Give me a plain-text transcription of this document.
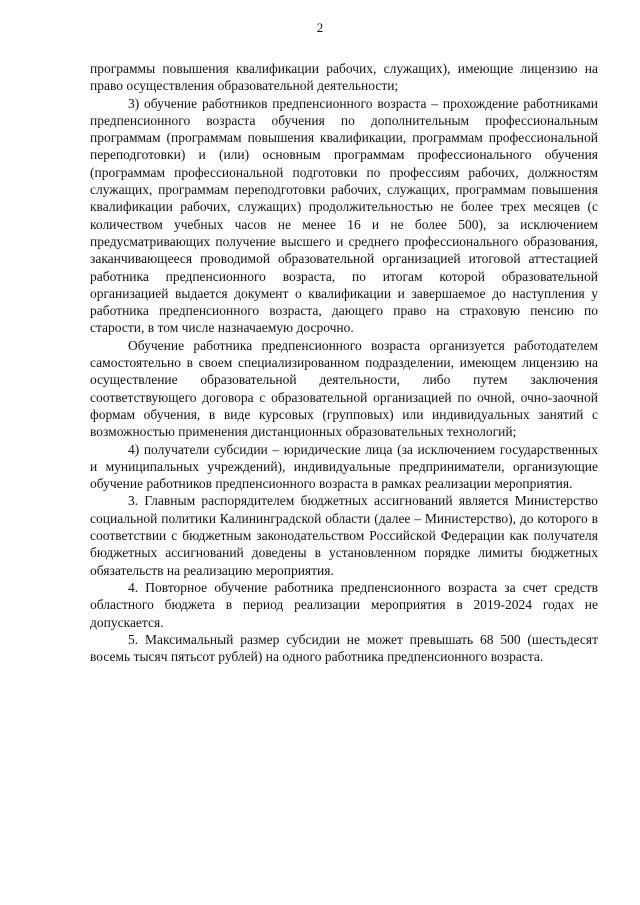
2

программы повышения квалификации рабочих, служащих), имеющие лицензию на право осуществления образовательной деятельности;

3) обучение работников предпенсионного возраста – прохождение работниками предпенсионного возраста обучения по дополнительным профессиональным программам (программам повышения квалификации, программам профессиональной переподготовки) и (или) основным программам профессионального обучения (программам профессиональной подготовки по профессиям рабочих, должностям служащих, программам переподготовки рабочих, служащих, программам повышения квалификации рабочих, служащих) продолжительностью не более трех месяцев (с количеством учебных часов не менее 16 и не более 500), за исключением предусматривающих получение высшего и среднего профессионального образования, заканчивающееся проводимой образовательной организацией итоговой аттестацией работника предпенсионного возраста, по итогам которой образовательной организацией выдается документ о квалификации и завершаемое до наступления у работника предпенсионного возраста, дающего право на страховую пенсию по старости, в том числе назначаемую досрочно.

Обучение работника предпенсионного возраста организуется работодателем самостоятельно в своем специализированном подразделении, имеющем лицензию на осуществление образовательной деятельности, либо путем заключения соответствующего договора с образовательной организацией по очной, очно-заочной формам обучения, в виде курсовых (групповых) или индивидуальных занятий с возможностью применения дистанционных образовательных технологий;

4) получатели субсидии – юридические лица (за исключением государственных и муниципальных учреждений), индивидуальные предприниматели, организующие обучение работников предпенсионного возраста в рамках реализации мероприятия.

3. Главным распорядителем бюджетных ассигнований является Министерство социальной политики Калининградской области (далее – Министерство), до которого в соответствии с бюджетным законодательством Российской Федерации как получателя бюджетных ассигнований доведены в установленном порядке лимиты бюджетных обязательств на реализацию мероприятия.

4. Повторное обучение работника предпенсионного возраста за счет средств областного бюджета в период реализации мероприятия в 2019-2024 годах не допускается.

5. Максимальный размер субсидии не может превышать 68 500 (шестьдесят восемь тысяч пятьсот рублей) на одного работника предпенсионного возраста.
